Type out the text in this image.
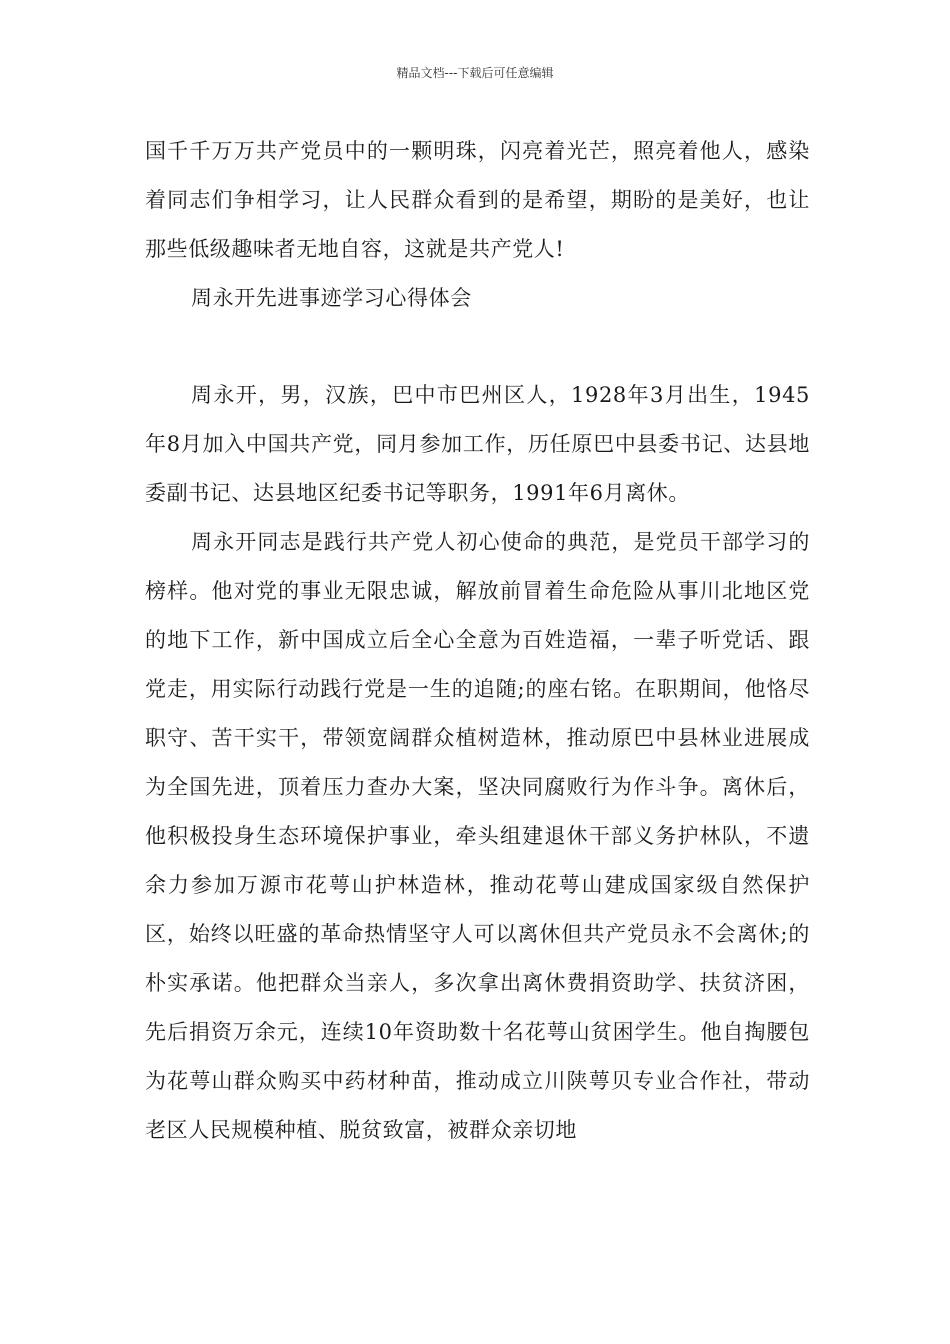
精品文档---下载后可任意编辑

国千千万万共产党员中的一颗明珠，闪亮着光芒，照亮着他人，感染着同志们争相学习，让人民群众看到的是希望，期盼的是美好，也让那些低级趣味者无地自容，这就是共产党人!

周永开先进事迹学习心得体会

周永开，男，汉族，巴中市巴州区人，1928年3月出生，1945年8月加入中国共产党，同月参加工作，历任原巴中县委书记、达县地委副书记、达县地区纪委书记等职务，1991年6月离休。

周永开同志是践行共产党人初心使命的典范，是党员干部学习的榜样。他对党的事业无限忠诚，解放前冒着生命危险从事川北地区党的地下工作，新中国成立后全心全意为百姓造福，一辈子听党话、跟党走，用实际行动践行党是一生的追随;的座右铭。在职期间，他恪尽职守、苦干实干，带领宽阔群众植树造林，推动原巴中县林业进展成为全国先进，顶着压力查办大案，坚决同腐败行为作斗争。离休后，他积极投身生态环境保护事业，牵头组建退休干部义务护林队，不遗余力参加万源市花萼山护林造林，推动花萼山建成国家级自然保护区，始终以旺盛的革命热情坚守人可以离休但共产党员永不会离休;的朴实承诺。他把群众当亲人，多次拿出离休费捐资助学、扶贫济困，先后捐资万余元，连续10年资助数十名花萼山贫困学生。他自掏腰包为花萼山群众购买中药材种苗，推动成立川陕萼贝专业合作社，带动老区人民规模种植、脱贫致富，被群众亲切地
